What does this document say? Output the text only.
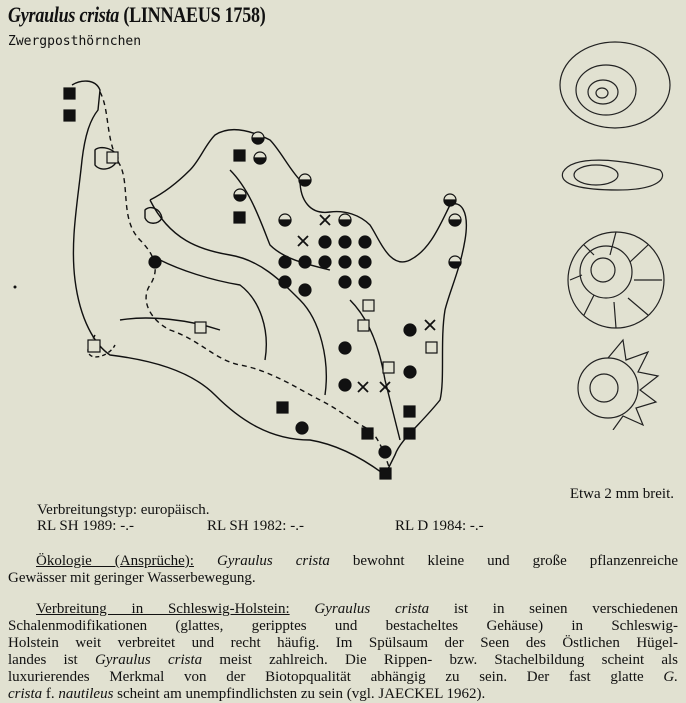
Gyraulus crista (LINNAEUS 1758)
Zwergposthörnchen
Etwa 2 mm breit.
Verbreitungstyp: europäisch.
RL SH 1989: -.-	RL SH 1982: -.-	RL D 1984: -.-
Ökologie (Ansprüche): Gyraulus crista bewohnt kleine und große pflanzenreiche
Gewässer mit geringer Wasserbewegung.
Verbreitung in Schleswig-Holstein: Gyraulus crista ist in seinen verschiedenen
Schalenmodifikationen (glattes, geripptes und bestacheltes Gehäuse) in Schleswig-
Holstein weit verbreitet und recht häufig. Im Spülsaum der Seen des Östlichen Hügel-
landes ist Gyraulus crista meist zahlreich. Die Rippen- bzw. Stachelbildung scheint als
luxurierendes Merkmal von der Biotopqualität abhängig zu sein. Der fast glatte G.
crista f. nautileus scheint am unempfindlichsten zu sein (vgl. JAECKEL 1962).
